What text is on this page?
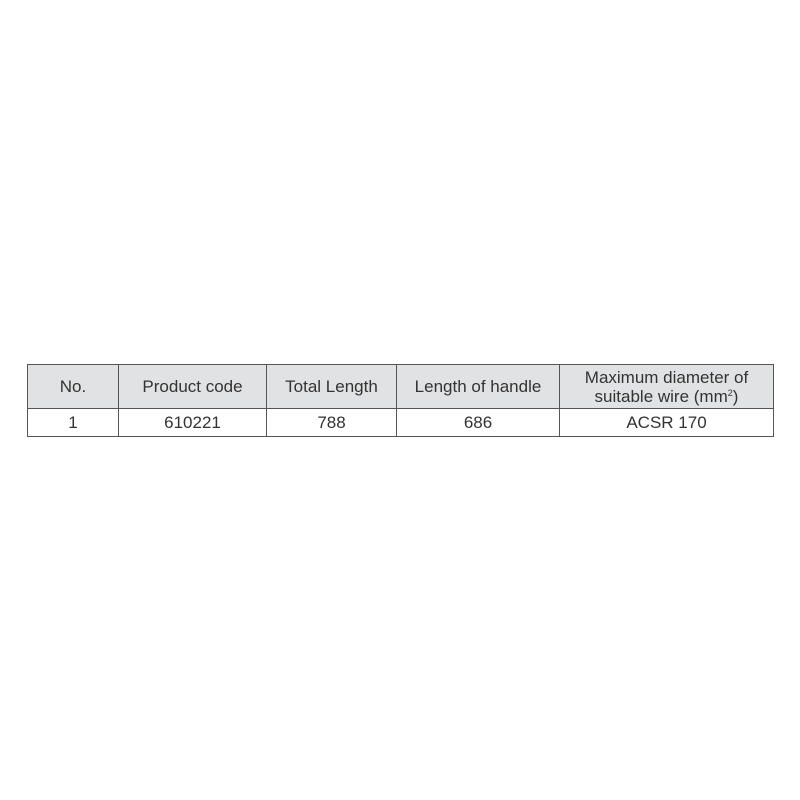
No.	Product code	Total Length	Length of handle	Maximum diameter of
suitable wire $(mm^2)$
1	610221	788	686	ACSR 170
